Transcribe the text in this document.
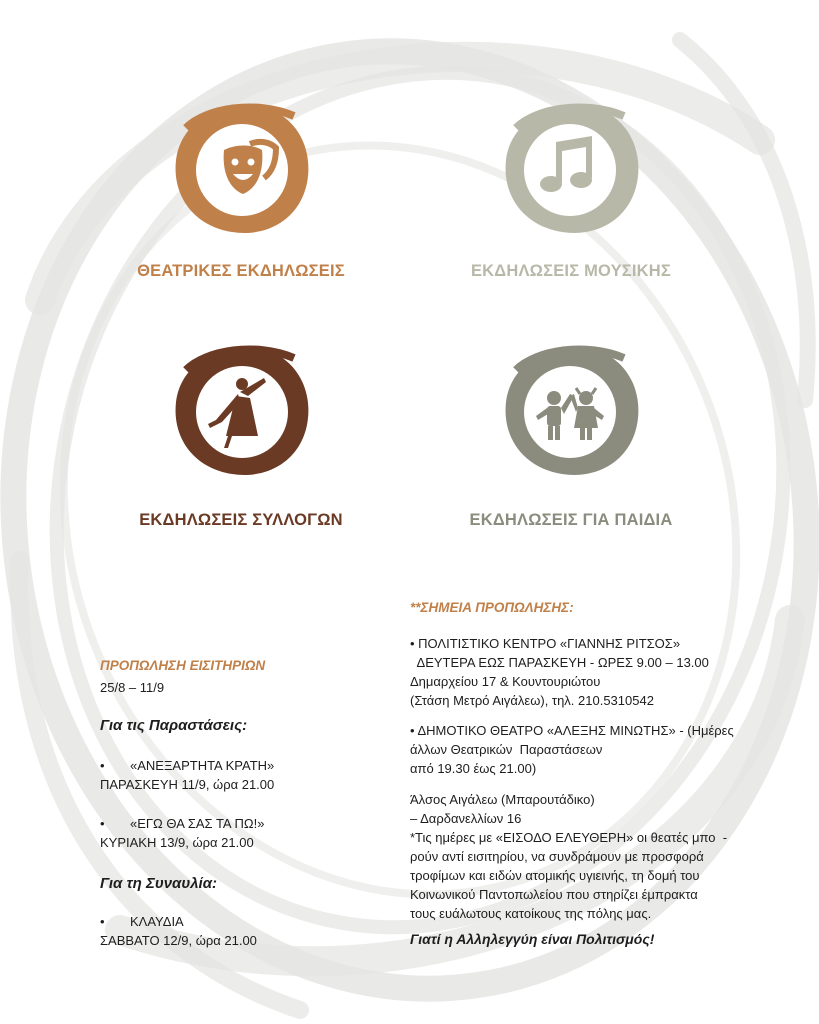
ΘΕΑΤΡΙΚΕΣ ΕΚΔΗΛΩΣΕΙΣ	ΕΚΔΗΛΩΣΕΙΣ ΜΟΥΣΙΚΗΣ
ΕΚΔΗΛΩΣΕΙΣ ΣΥΛΛΟΓΩΝ	ΕΚΔΗΛΩΣΕΙΣ ΓΙΑ ΠΑΙΔΙΑ
ΠΡΟΠΩΛΗΣΗ ΕΙΣΙΤΗΡΙΩΝ
25/8 – 11/9
Για τις Παραστάσεις:
• «ΑΝΕΞΑΡΤΗΤΑ ΚΡΑΤΗ»
ΠΑΡΑΣΚΕΥΗ 11/9, ώρα 21.00
• «ΕΓΩ ΘΑ ΣΑΣ ΤΑ ΠΩ!»
ΚΥΡΙΑΚΗ 13/9, ώρα 21.00
Για τη Συναυλία:
• ΚΛΑΥΔΙΑ
ΣΑΒΒΑΤΟ 12/9, ώρα 21.00
**ΣΗΜΕΙΑ ΠΡΟΠΩΛΗΣΗΣ:
• ΠΟΛΙΤΙΣΤΙΚΟ ΚΕΝΤΡΟ «ΓΙΑΝΝΗΣ ΡΙΤΣΟΣ»
ΔΕΥΤΕΡΑ ΕΩΣ ΠΑΡΑΣΚΕΥΗ - ΩΡΕΣ 9.00 – 13.00
Δημαρχείου 17 & Κουντουριώτου
(Στάση Μετρό Αιγάλεω), τηλ. 210.5310542
• ΔΗΜΟΤΙΚΟ ΘΕΑΤΡΟ «ΑΛΕΞΗΣ ΜΙΝΩΤΗΣ» - (Ημέρες
άλλων Θεατρικών  Παραστάσεων
από 19.30 έως 21.00)
Άλσος Αιγάλεω (Μπαρουτάδικο)
– Δαρδανελλίων 16
*Τις ημέρες με «ΕΙΣΟΔΟ ΕΛΕΥΘΕΡΗ» οι θεατές μπο  -
ρούν αντί εισιτηρίου, να συνδράμουν με προσφορά
τροφίμων και ειδών ατομικής υγιεινής, τη δομή του
Κοινωνικού Παντοπωλείου που στηρίζει έμπρακτα
τους ευάλωτους κατοίκους της πόλης μας.
Γιατί η Αλληλεγγύη είναι Πολιτισμός!
